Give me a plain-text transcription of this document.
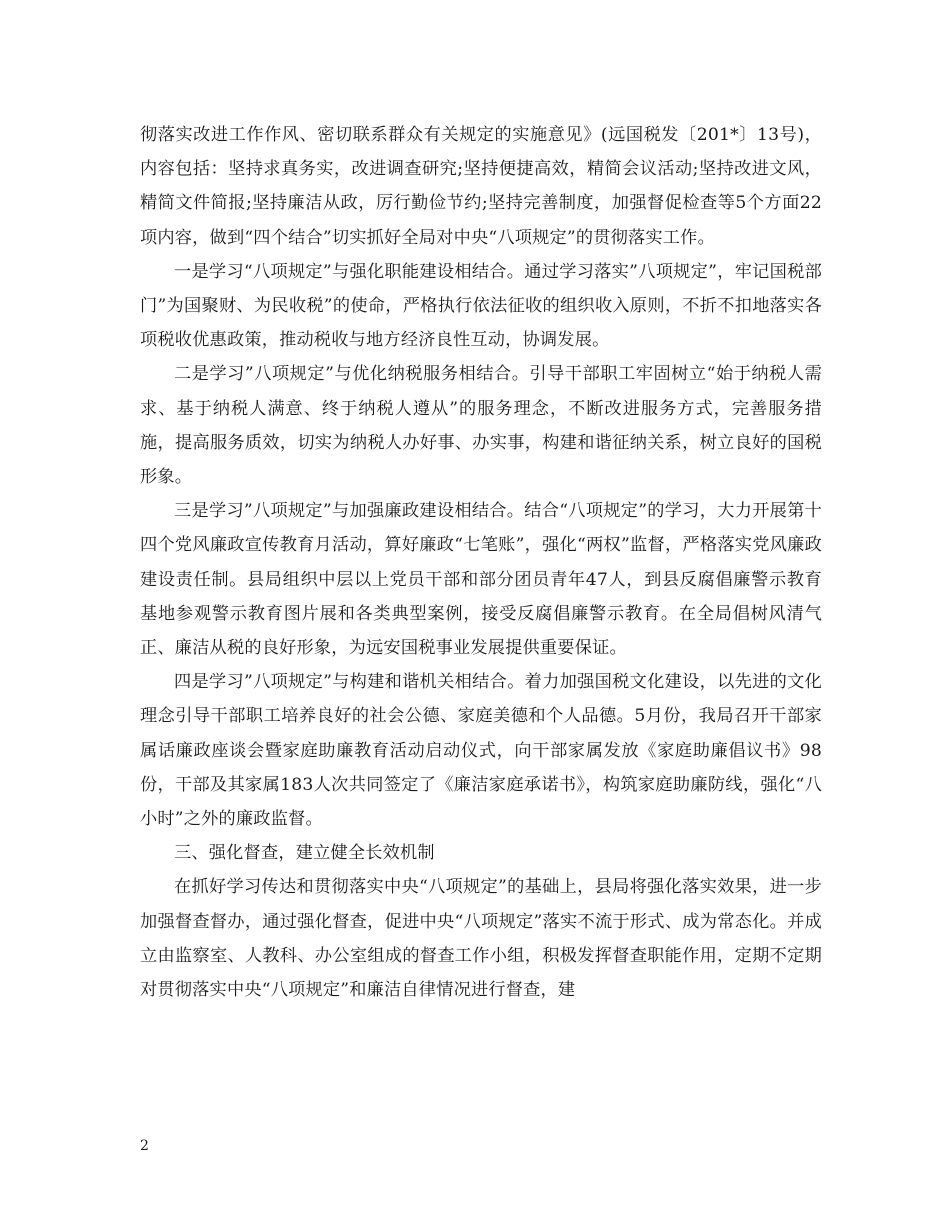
彻落实改进工作作风、密切联系群众有关规定的实施意见》(远国税发〔201*〕13号)，内容包括：坚持求真务实，改进调查研究;坚持便捷高效，精简会议活动;坚持改进文风，精简文件简报;坚持廉洁从政，厉行勤俭节约;坚持完善制度，加强督促检查等5个方面22项内容，做到“四个结合”切实抓好全局对中央“八项规定”的贯彻落实工作。

一是学习“八项规定”与强化职能建设相结合。通过学习落实”八项规定”，牢记国税部门”为国聚财、为民收税”的使命，严格执行依法征收的组织收入原则，不折不扣地落实各项税收优惠政策，推动税收与地方经济良性互动，协调发展。

二是学习”八项规定”与优化纳税服务相结合。引导干部职工牢固树立“始于纳税人需求、基于纳税人满意、终于纳税人遵从”的服务理念，不断改进服务方式，完善服务措施，提高服务质效，切实为纳税人办好事、办实事，构建和谐征纳关系，树立良好的国税形象。

三是学习”八项规定”与加强廉政建设相结合。结合“八项规定”的学习，大力开展第十四个党风廉政宣传教育月活动，算好廉政“七笔账”，强化“两权”监督，严格落实党风廉政建设责任制。县局组织中层以上党员干部和部分团员青年47人，到县反腐倡廉警示教育基地参观警示教育图片展和各类典型案例，接受反腐倡廉警示教育。在全局倡树风清气正、廉洁从税的良好形象，为远安国税事业发展提供重要保证。

四是学习”八项规定”与构建和谐机关相结合。着力加强国税文化建设，以先进的文化理念引导干部职工培养良好的社会公德、家庭美德和个人品德。5月份，我局召开干部家属话廉政座谈会暨家庭助廉教育活动启动仪式，向干部家属发放《家庭助廉倡议书》98份，干部及其家属183人次共同签定了《廉洁家庭承诺书》，构筑家庭助廉防线，强化“八小时”之外的廉政监督。

三、强化督查，建立健全长效机制

在抓好学习传达和贯彻落实中央“八项规定”的基础上，县局将强化落实效果，进一步加强督查督办，通过强化督查，促进中央“八项规定”落实不流于形式、成为常态化。并成立由监察室、人教科、办公室组成的督查工作小组，积极发挥督查职能作用，定期不定期对贯彻落实中央“八项规定”和廉洁自律情况进行督查，建

2
